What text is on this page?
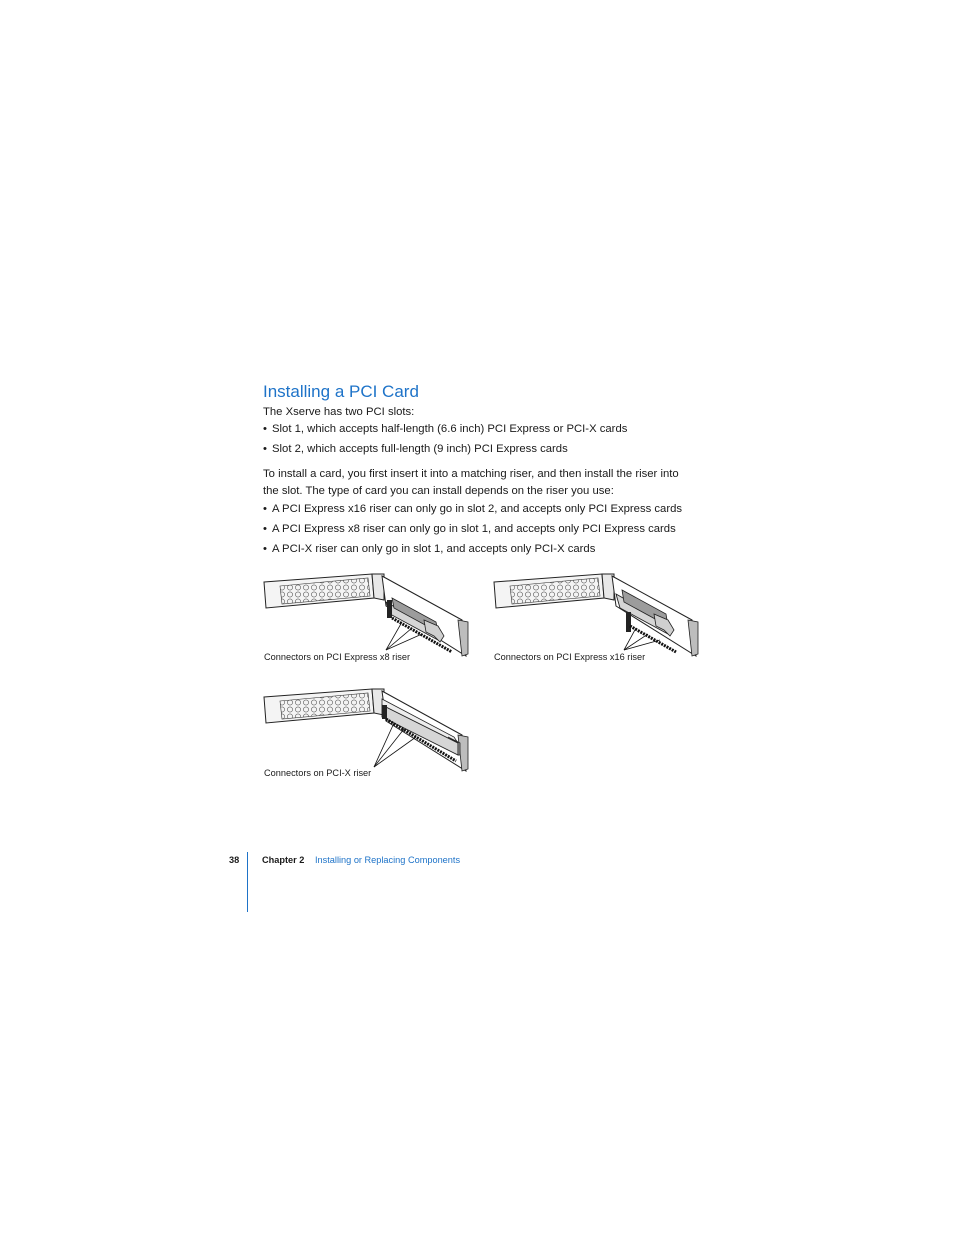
Installing a PCI Card
The Xserve has two PCI slots:
• Slot 1, which accepts half-length (6.6 inch) PCI Express or PCI-X cards
• Slot 2, which accepts full-length (9 inch) PCI Express cards
To install a card, you first insert it into a matching riser, and then install the riser into
the slot. The type of card you can install depends on the riser you use:
• A PCI Express x16 riser can only go in slot 2, and accepts only PCI Express cards
• A PCI Express x8 riser can only go in slot 1, and accepts only PCI Express cards
• A PCI-X riser can only go in slot 1, and accepts only PCI-X cards
Connectors on PCI Express x8 riser	Connectors on PCI Express x16 riser
Connectors on PCI-X riser
38 Chapter 2 Installing or Replacing Components
